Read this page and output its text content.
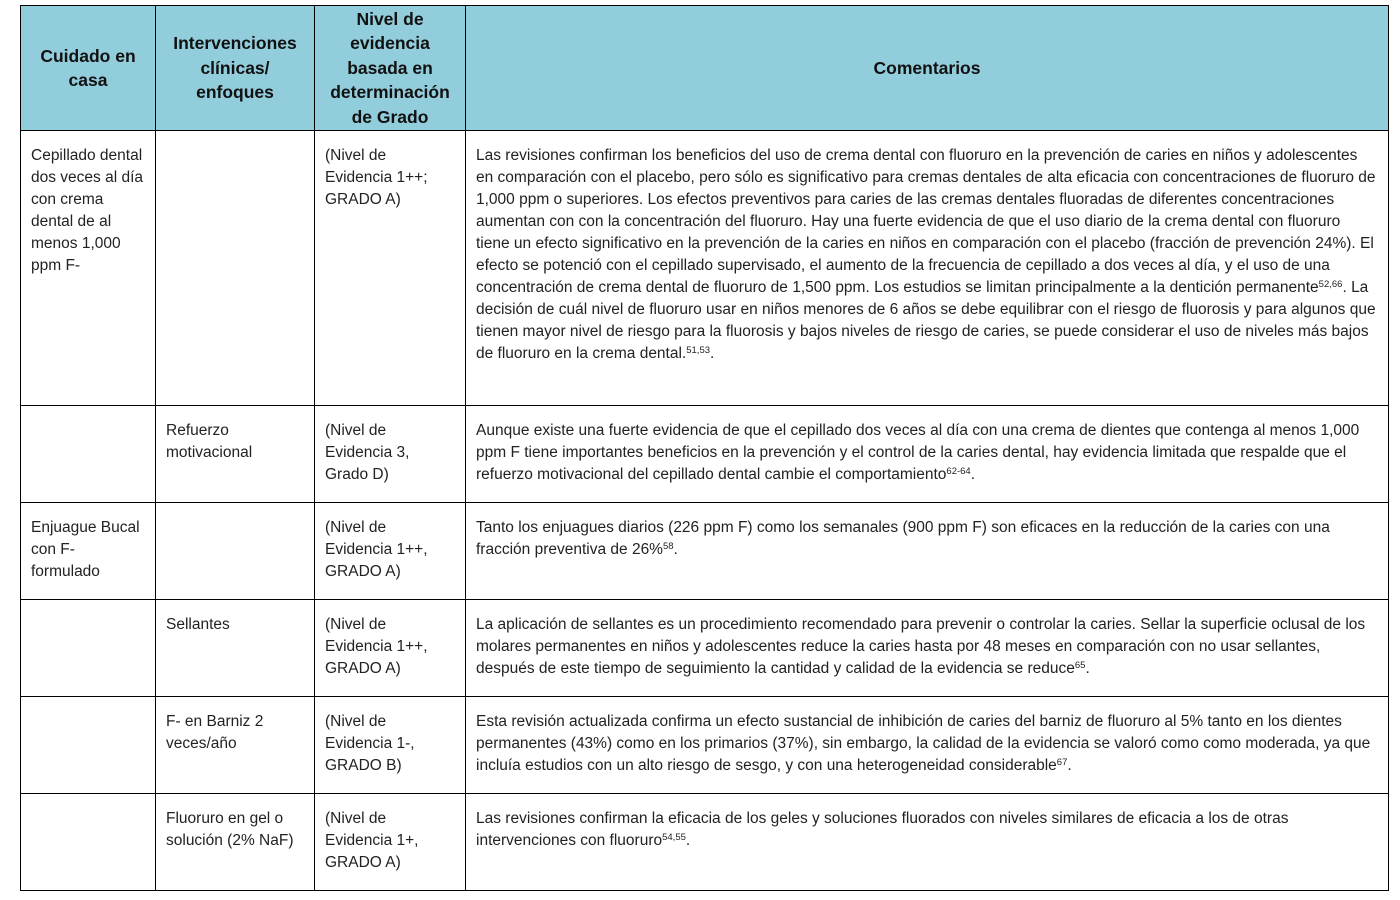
Cuidado en casa	Intervenciones clínicas/ enfoques	Nivel de evidencia basada en determinación de Grado	Comentarios
Cepillado dental dos veces al día con crema dental de al menos 1,000 ppm F-		(Nivel de Evidencia 1++; GRADO A)	Las revisiones confirman los beneficios del uso de crema dental con fluoruro en la prevención de caries en niños y adolescentes en comparación con el placebo, pero sólo es significativo para cremas dentales de alta eficacia con concentraciones de fluoruro de 1,000 ppm o superiores. Los efectos preventivos para caries de las cremas dentales fluoradas de diferentes concentraciones aumentan con con la concentración del fluoruro. Hay una fuerte evidencia de que el uso diario de la crema dental con fluoruro tiene un efecto significativo en la prevención de la caries en niños en comparación con el placebo (fracción de prevención 24%). El efecto se potenció con el cepillado supervisado, el aumento de la frecuencia de cepillado a dos veces al día, y el uso de una concentración de crema dental de fluoruro de 1,500 ppm. Los estudios se limitan principalmente a la dentición permanente$^{52,66}$. La decisión de cuál nivel de fluoruro usar en niños menores de 6 años se debe equilibrar con el riesgo de fluorosis y para algunos que tienen mayor nivel de riesgo para la fluorosis y bajos niveles de riesgo de caries, se puede considerar el uso de niveles más bajos de fluoruro en la crema dental.$^{51,53}$.
	Refuerzo motivacional	(Nivel de Evidencia 3, Grado D)	Aunque existe una fuerte evidencia de que el cepillado dos veces al día con una crema de dientes que contenga al menos 1,000 ppm F tiene importantes beneficios en la prevención y el control de la caries dental, hay evidencia limitada que respalde que el refuerzo motivacional del cepillado dental cambie el comportamiento$^{62-64}$.
Enjuague Bucal con F- formulado		(Nivel de Evidencia 1++, GRADO A)	Tanto los enjuagues diarios (226 ppm F) como los semanales (900 ppm F) son eficaces en la reducción de la caries con una fracción preventiva de 26%$^{58}$.
	Sellantes	(Nivel de Evidencia 1++, GRADO A)	La aplicación de sellantes es un procedimiento recomendado para prevenir o controlar la caries. Sellar la superficie oclusal de los molares permanentes en niños y adolescentes reduce la caries hasta por 48 meses en comparación con no usar sellantes, después de este tiempo de seguimiento la cantidad y calidad de la evidencia se reduce$^{65}$.
	F- en Barniz 2 veces/año	(Nivel de Evidencia 1-, GRADO B)	Esta revisión actualizada confirma un efecto sustancial de inhibición de caries del barniz de fluoruro al 5% tanto en los dientes permanentes (43%) como en los primarios (37%), sin embargo, la calidad de la evidencia se valoró como como moderada, ya que incluía estudios con un alto riesgo de sesgo, y con una heterogeneidad considerable$^{67}$.
	Fluoruro en gel o solución (2% NaF)	(Nivel de Evidencia 1+, GRADO A)	Las revisiones confirman la eficacia de los geles y soluciones fluorados con niveles similares de eficacia a los de otras intervenciones con fluoruro$^{54,55}$.
